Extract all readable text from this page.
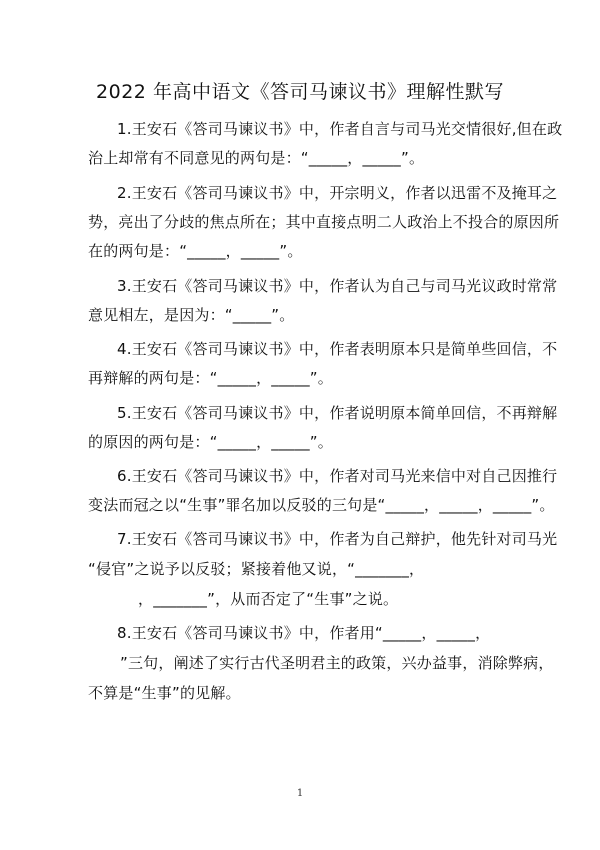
2022 年高中语文《答司马谏议书》理解性默写
1.王安石《答司马谏议书》中，作者自言与司马光交情很好,但在政
治上却常有不同意见的两句是：“_____，_____”。
2.王安石《答司马谏议书》中，开宗明义，作者以迅雷不及掩耳之
势，亮出了分歧的焦点所在；其中直接点明二人政治上不投合的原因所
在的两句是：“_____，_____”。
3.王安石《答司马谏议书》中，作者认为自己与司马光议政时常常
意见相左，是因为：“_____”。
4.王安石《答司马谏议书》中，作者表明原本只是简单些回信，不
再辩解的两句是：“_____，_____”。
5.王安石《答司马谏议书》中，作者说明原本简单回信，不再辩解
的原因的两句是：“_____，_____”。
6.王安石《答司马谏议书》中，作者对司马光来信中对自己因推行
变法而冠之以“生事”罪名加以反驳的三句是“_____，_____，_____”。
7.王安石《答司马谏议书》中，作者为自己辩护，他先针对司马光
“侵官”之说予以反驳；紧接着他又说，“_______，
，_______”，从而否定了“生事”之说。
8.王安石《答司马谏议书》中，作者用“_____，_____，
”三句，阐述了实行古代圣明君主的政策，兴办益事，消除弊病，
不算是“生事”的见解。
1
